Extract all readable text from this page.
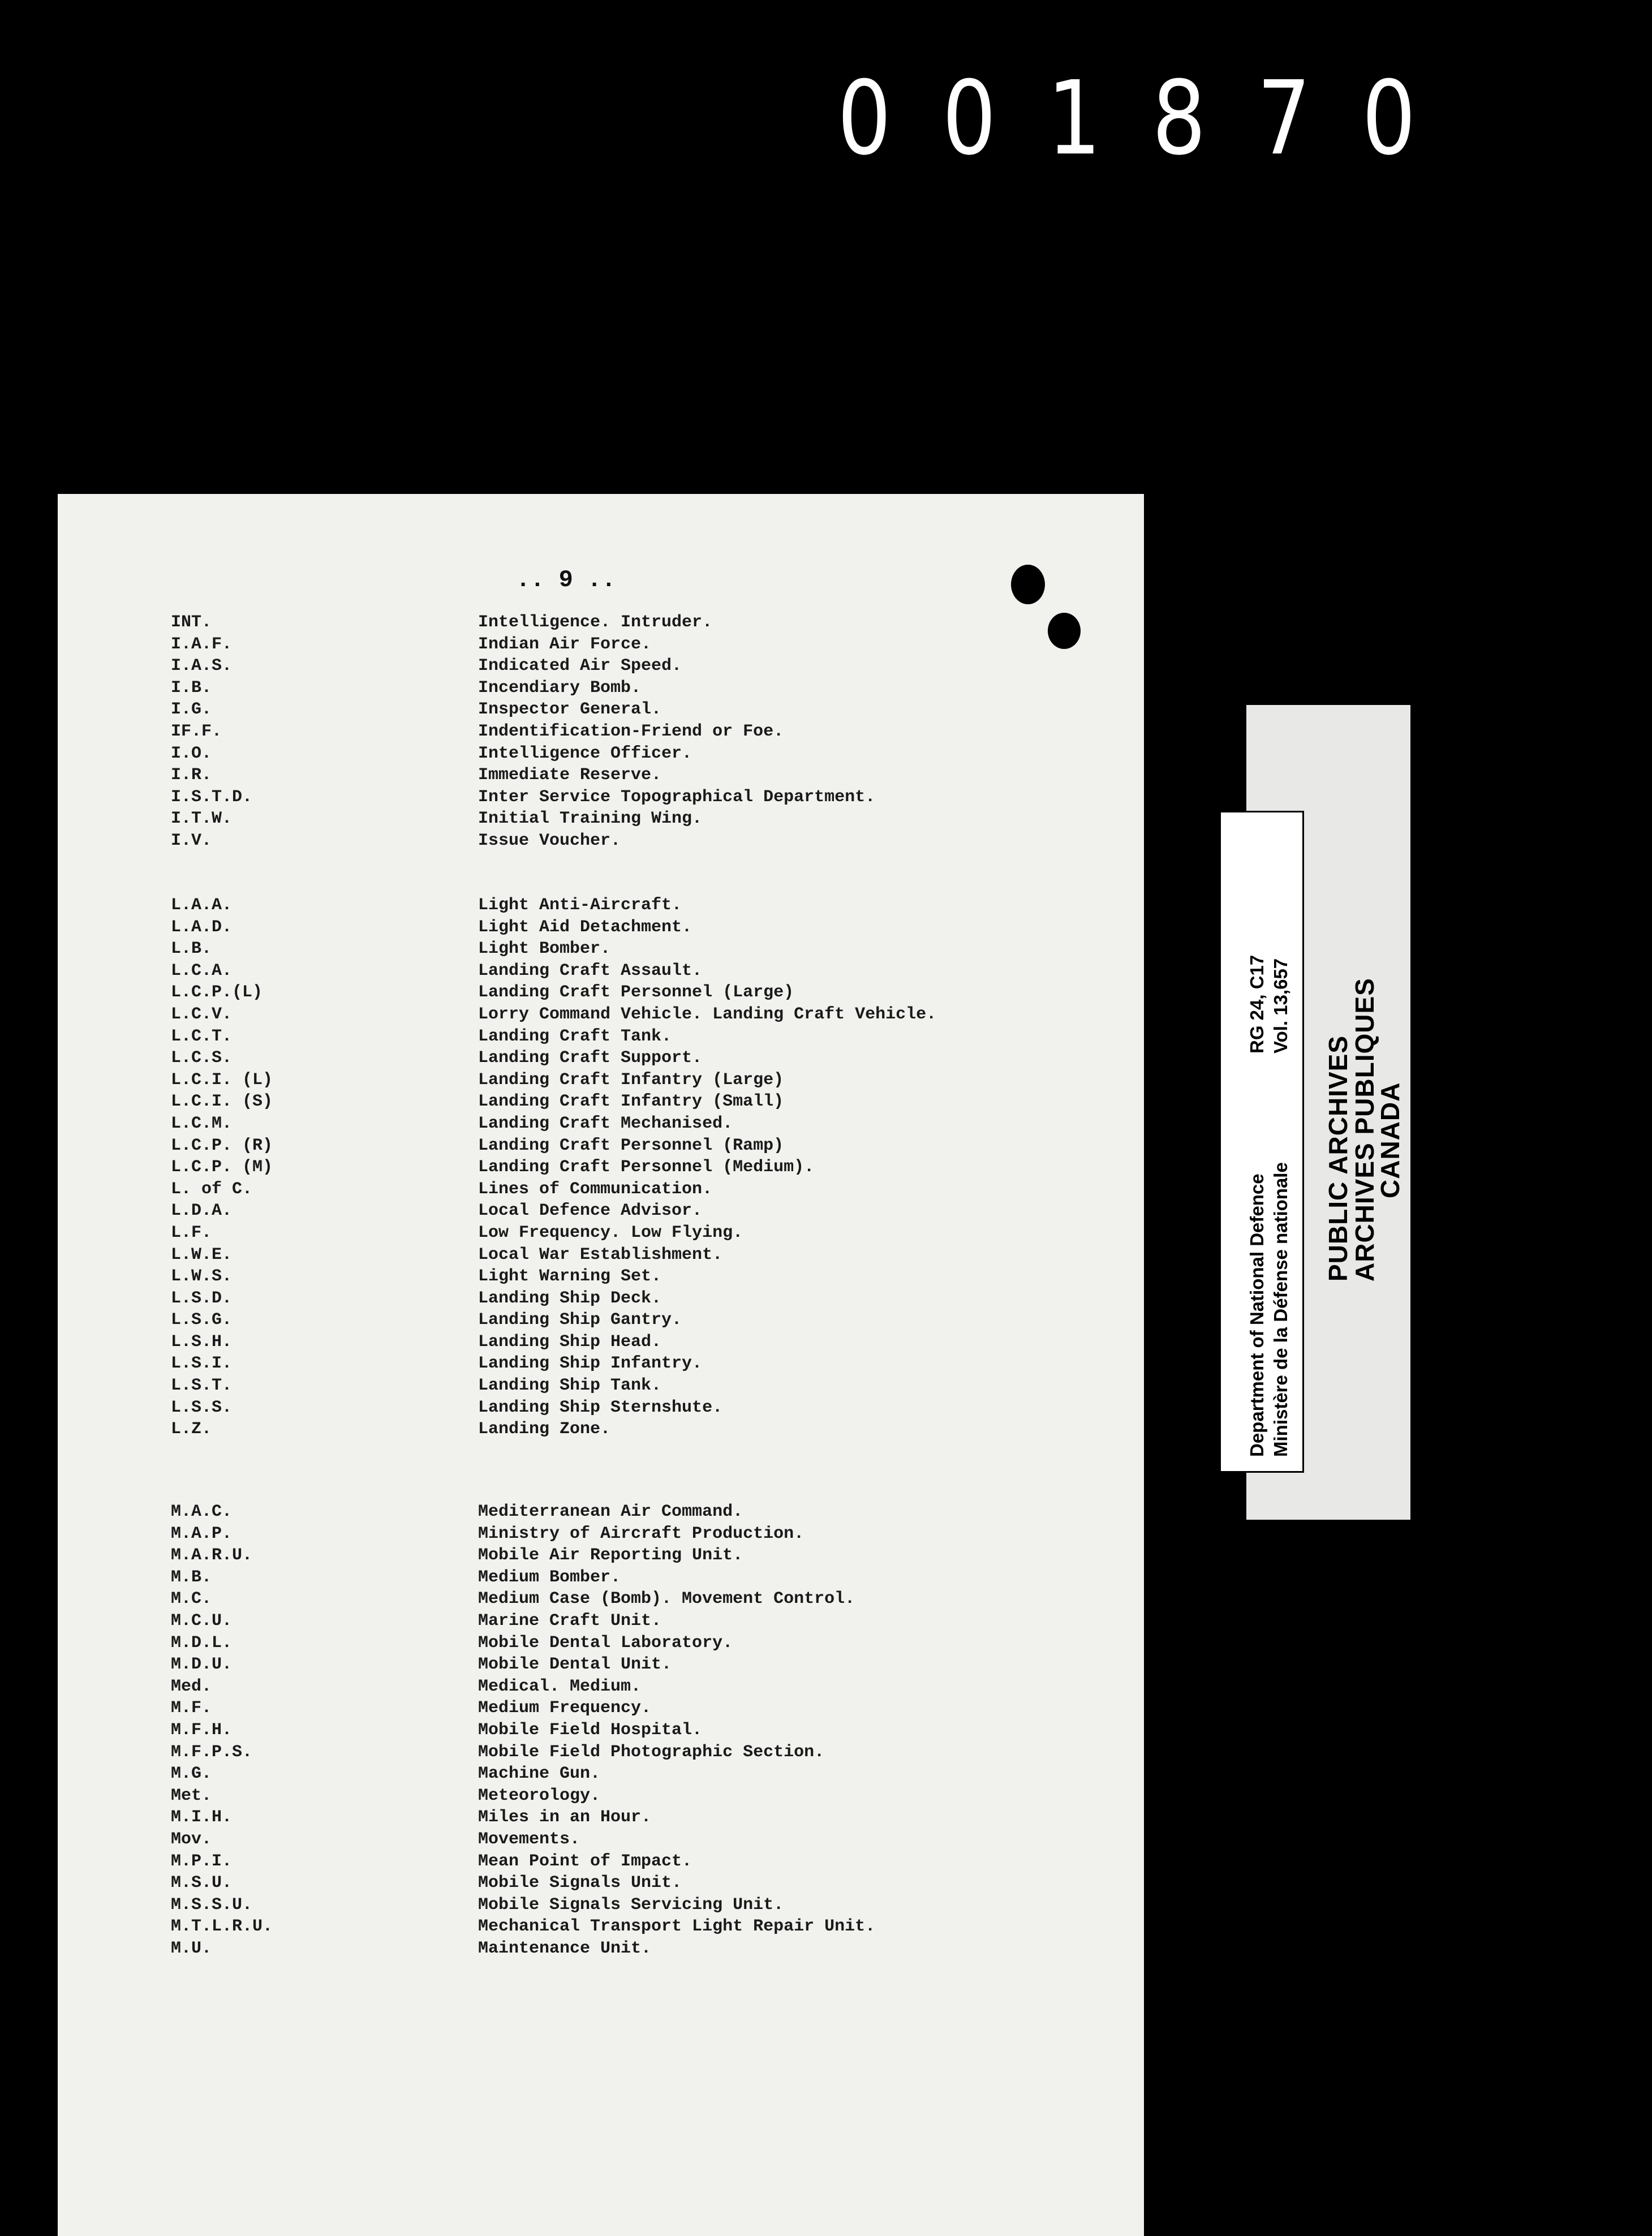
001870
.. 9 ..
INT.	Intelligence. Intruder.
I.A.F.	Indian Air Force.
I.A.S.	Indicated Air Speed.
I.B.	Incendiary Bomb.
I.G.	Inspector General.
IF.F.	Indentification-Friend or Foe.
I.O.	Intelligence Officer.
I.R.	Immediate Reserve.
I.S.T.D.	Inter Service Topographical Department.
I.T.W.	Initial Training Wing.
I.V.	Issue Voucher.
L.A.A.	Light Anti-Aircraft.
L.A.D.	Light Aid Detachment.
L.B.	Light Bomber.
L.C.A.	Landing Craft Assault.
L.C.P.(L)	Landing Craft Personnel (Large)
L.C.V.	Lorry Command Vehicle. Landing Craft Vehicle.
L.C.T.	Landing Craft Tank.
L.C.S.	Landing Craft Support.
L.C.I. (L)	Landing Craft Infantry (Large)
L.C.I. (S)	Landing Craft Infantry (Small)
L.C.M.	Landing Craft Mechanised.
L.C.P. (R)	Landing Craft Personnel (Ramp)
L.C.P. (M)	Landing Craft Personnel (Medium).
L. of C.	Lines of Communication.
L.D.A.	Local Defence Advisor.
L.F.	Low Frequency. Low Flying.
L.W.E.	Local War Establishment.
L.W.S.	Light Warning Set.
L.S.D.	Landing Ship Deck.
L.S.G.	Landing Ship Gantry.
L.S.H.	Landing Ship Head.
L.S.I.	Landing Ship Infantry.
L.S.T.	Landing Ship Tank.
L.S.S.	Landing Ship Sternshute.
L.Z.	Landing Zone.
M.A.C.	Mediterranean Air Command.
M.A.P.	Ministry of Aircraft Production.
M.A.R.U.	Mobile Air Reporting Unit.
M.B.	Medium Bomber.
M.C.	Medium Case (Bomb). Movement Control.
M.C.U.	Marine Craft Unit.
M.D.L.	Mobile Dental Laboratory.
M.D.U.	Mobile Dental Unit.
Med.	Medical. Medium.
M.F.	Medium Frequency.
M.F.H.	Mobile Field Hospital.
M.F.P.S.	Mobile Field Photographic Section.
M.G.	Machine Gun.
Met.	Meteorology.
M.I.H.	Miles in an Hour.
Mov.	Movements.
M.P.I.	Mean Point of Impact.
M.S.U.	Mobile Signals Unit.
M.S.S.U.	Mobile Signals Servicing Unit.
M.T.L.R.U.	Mechanical Transport Light Repair Unit.
M.U.	Maintenance Unit.
Department of National Defence Ministère de la Défense nationale
RG 24, C17 Vol. 13,657
PUBLIC ARCHIVES
ARCHIVES PUBLIQUES
CANADA
